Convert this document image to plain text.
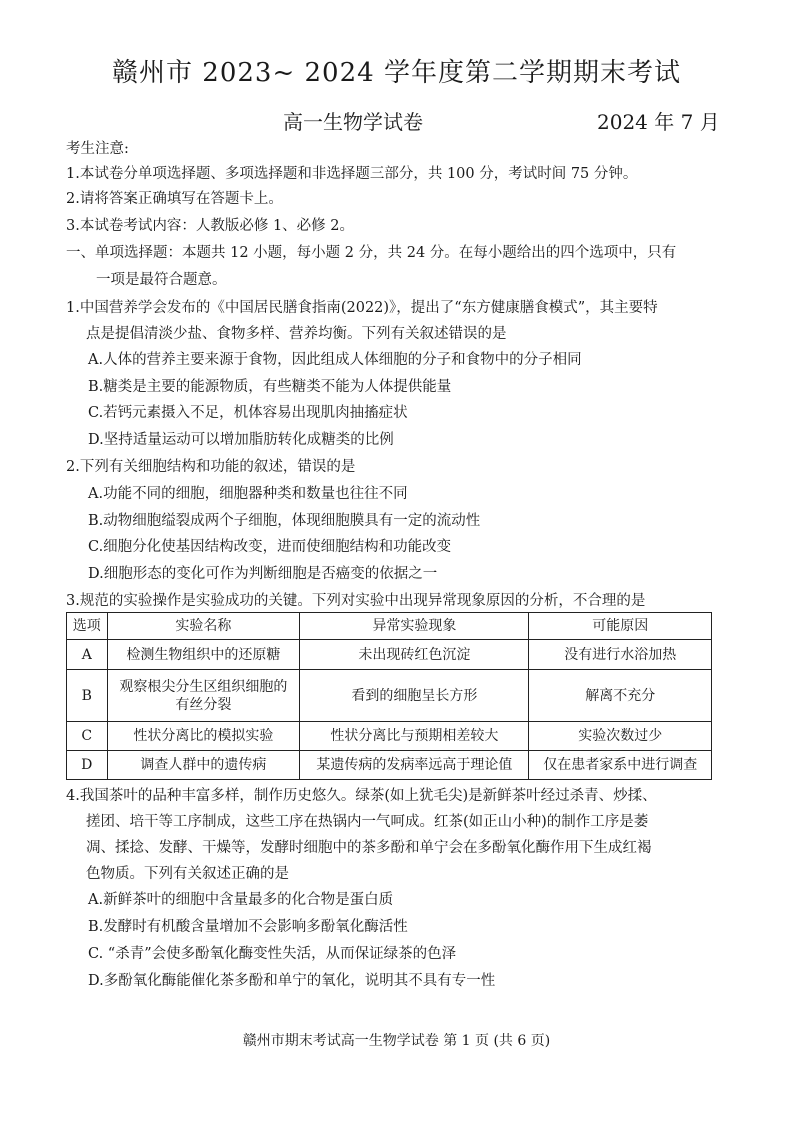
赣州市 2023~ 2024 学年度第二学期期末考试
高一生物学试卷	2024 年 7 月
考生注意:
1.本试卷分单项选择题、多项选择题和非选择题三部分，共 100 分，考试时间 75 分钟。
2.请将答案正确填写在答题卡上。
3.本试卷考试内容：人教版必修 1、必修 2。
一、单项选择题：本题共 12 小题，每小题 2 分，共 24 分。在每小题给出的四个选项中，只有
一项是最符合题意。
1.中国营养学会发布的《中国居民膳食指南(2022)》，提出了“东方健康膳食模式”，其主要特
点是提倡清淡少盐、食物多样、营养均衡。下列有关叙述错误的是
A.人体的营养主要来源于食物，因此组成人体细胞的分子和食物中的分子相同
B.糖类是主要的能源物质，有些糖类不能为人体提供能量
C.若钙元素摄入不足，机体容易出现肌肉抽搐症状
D.坚持适量运动可以增加脂肪转化成糖类的比例
2.下列有关细胞结构和功能的叙述，错误的是
A.功能不同的细胞，细胞器种类和数量也往往不同
B.动物细胞缢裂成两个子细胞，体现细胞膜具有一定的流动性
C.细胞分化使基因结构改变，进而使细胞结构和功能改变
D.细胞形态的变化可作为判断细胞是否癌变的依据之一
3.规范的实验操作是实验成功的关键。下列对实验中出现异常现象原因的分析，不合理的是
选项	实验名称	异常实验现象	可能原因
A	检测生物组织中的还原糖	未出现砖红色沉淀	没有进行水浴加热
B	观察根尖分生区组织细胞的
有丝分裂	看到的细胞呈长方形	解离不充分
C	性状分离比的模拟实验	性状分离比与预期相差较大	实验次数过少
D	调查人群中的遗传病	某遗传病的发病率远高于理论值	仅在患者家系中进行调查
4.我国茶叶的品种丰富多样，制作历史悠久。绿茶(如上犹毛尖)是新鲜茶叶经过杀青、炒揉、
搓团、培干等工序制成，这些工序在热锅内一气呵成。红茶(如正山小种)的制作工序是萎
凋、揉捻、发酵、干燥等，发酵时细胞中的茶多酚和单宁会在多酚氧化酶作用下生成红褐
色物质。下列有关叙述正确的是
A.新鲜茶叶的细胞中含量最多的化合物是蛋白质
B.发酵时有机酸含量增加不会影响多酚氧化酶活性
C. “杀青”会使多酚氧化酶变性失活，从而保证绿茶的色泽
D.多酚氧化酶能催化茶多酚和单宁的氧化，说明其不具有专一性
赣州市期末考试高一生物学试卷 第 1 页 (共 6 页)
